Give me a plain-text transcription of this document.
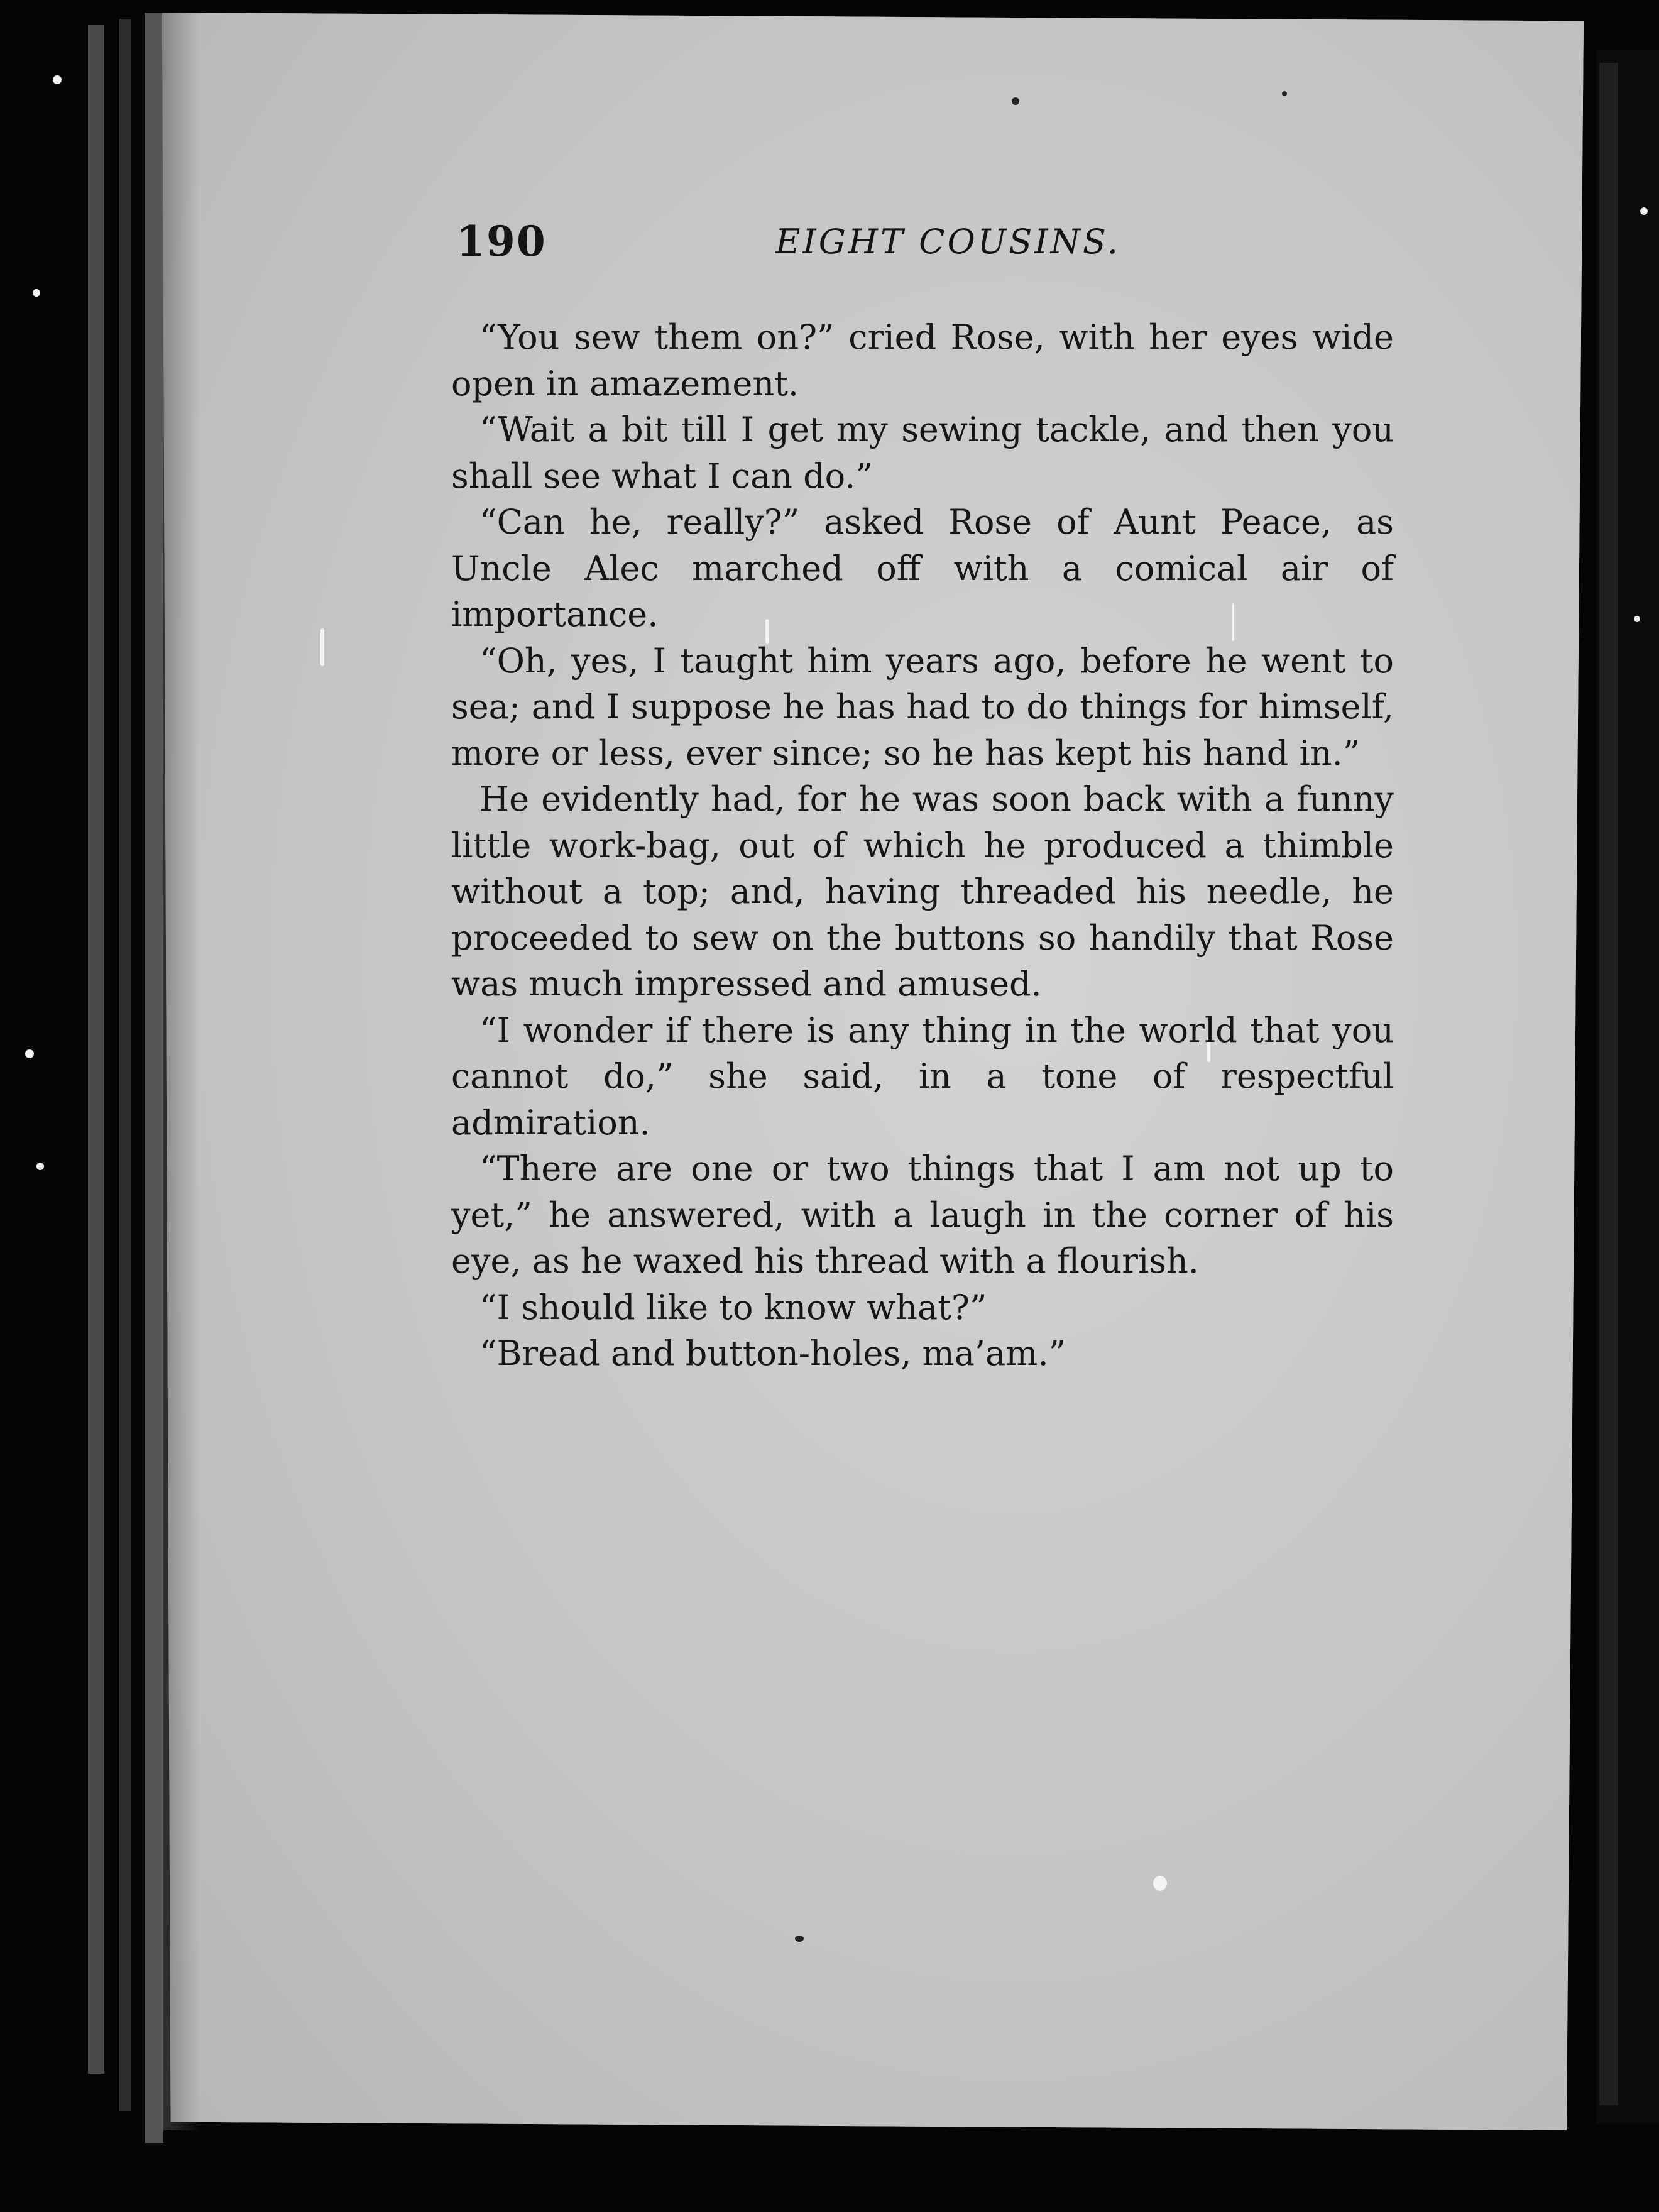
190	EIGHT COUSINS.

“You sew them on?” cried Rose, with her eyes wide open in amazement.

“Wait a bit till I get my sewing tackle, and then you shall see what I can do.”

“Can he, really?” asked Rose of Aunt Peace, as Uncle Alec marched off with a comical air of importance.

“Oh, yes, I taught him years ago, before he went to sea; and I suppose he has had to do things for himself, more or less, ever since; so he has kept his hand in.”

He evidently had, for he was soon back with a funny little work-bag, out of which he produced a thimble without a top; and, having threaded his needle, he proceeded to sew on the buttons so handily that Rose was much impressed and amused.

“I wonder if there is any thing in the world that you cannot do,” she said, in a tone of respectful admiration.

“There are one or two things that I am not up to yet,” he answered, with a laugh in the corner of his eye, as he waxed his thread with a flourish.

“I should like to know what?”

“Bread and button-holes, ma’am.”
